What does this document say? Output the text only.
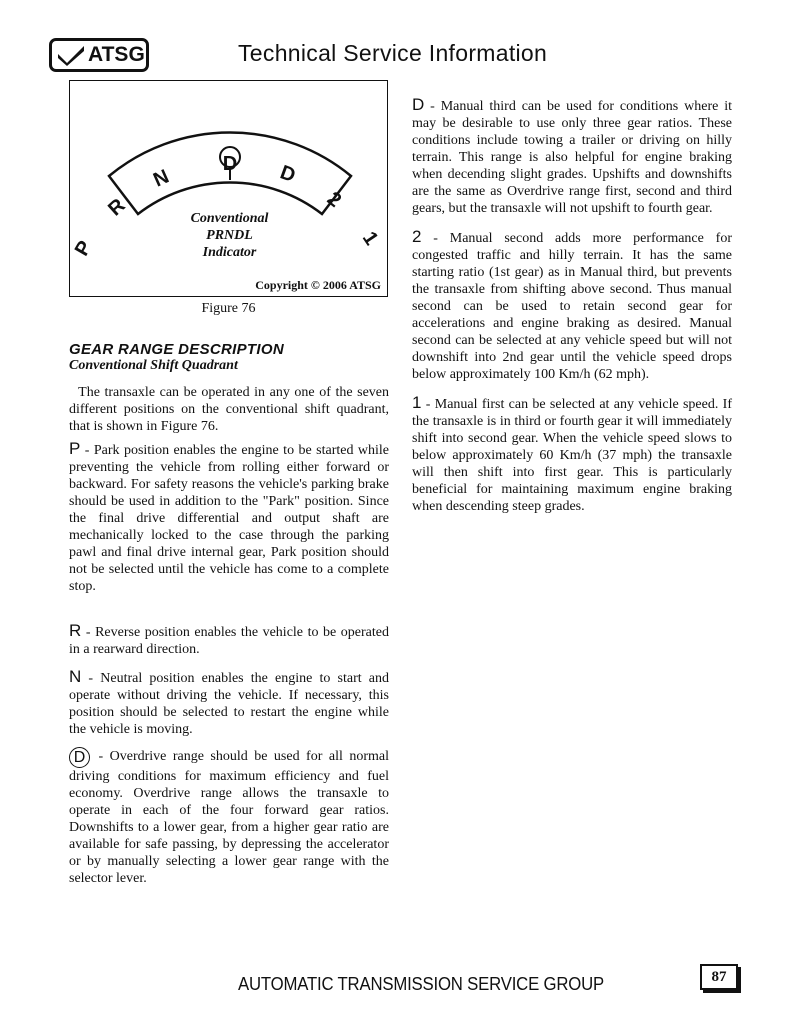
ATSG	Technical Service Information
P
R
N
D D
2
1
Conventional
PRNDL
Indicator
Copyright © 2006 ATSG
Figure 76
GEAR RANGE DESCRIPTION
Conventional Shift Quadrant

The transaxle can be operated in any one of the seven different positions on the conventional shift quadrant, that is shown in Figure 76.

P - Park position enables the engine to be started while preventing the vehicle from rolling either forward or backward. For safety reasons the vehicle's parking brake should be used in addition to the "Park" position. Since the final drive differential and output shaft are mechanically locked to the case through the parking pawl and final drive internal gear, Park position should not be selected until the vehicle has come to a complete stop.

R - Reverse position enables the vehicle to be operated in a rearward direction.

N - Neutral position enables the engine to start and operate without driving the vehicle. If necessary, this position should be selected to restart the engine while the vehicle is moving.

D - Overdrive range should be used for all normal driving conditions for maximum efficiency and fuel economy. Overdrive range allows the transaxle to operate in each of the four forward gear ratios. Downshifts to a lower gear, from a higher gear ratio are available for safe passing, by depressing the accelerator or by manually selecting a lower gear range with the selector lever.

D - Manual third can be used for conditions where it may be desirable to use only three gear ratios. These conditions include towing a trailer or driving on hilly terrain. This range is also helpful for engine braking when decending slight grades. Upshifts and downshifts are the same as Overdrive range first, second and third gears, but the transaxle will not upshift to fourth gear.

2 - Manual second adds more performance for congested traffic and hilly terrain. It has the same starting ratio (1st gear) as in Manual third, but prevents the transaxle from shifting above second. Thus manual second can be used to retain second gear for accelerations and engine braking as desired. Manual second can be selected at any vehicle speed but will not downshift into 2nd gear until the vehicle speed drops below approximately 100 Km/h (62 mph).

1 - Manual first can be selected at any vehicle speed. If the transaxle is in third or fourth gear it will immediately shift into second gear. When the vehicle speed slows to below approximately 60 Km/h (37 mph) the transaxle will then shift into first gear. This is particularly beneficial for maintaining maximum engine braking when descending steep grades.

AUTOMATIC TRANSMISSION SERVICE GROUP	87
